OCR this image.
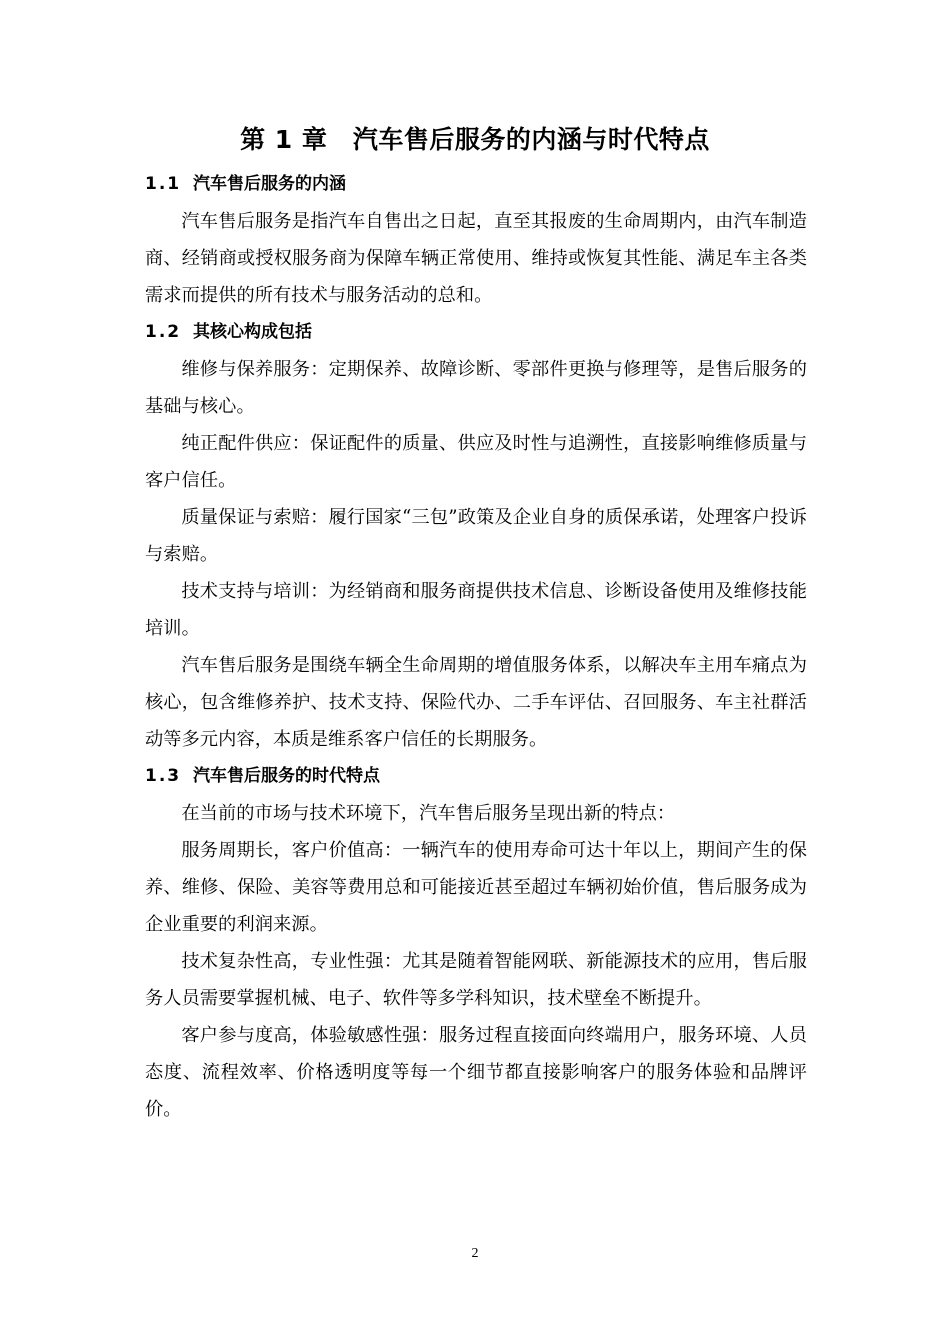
第 1 章　汽车售后服务的内涵与时代特点
1.1 汽车售后服务的内涵

汽车售后服务是指汽车自售出之日起，直至其报废的生命周期内，由汽车制造商、经销商或授权服务商为保障车辆正常使用、维持或恢复其性能、满足车主各类需求而提供的所有技术与服务活动的总和。

1.2 其核心构成包括

维修与保养服务：定期保养、故障诊断、零部件更换与修理等，是售后服务的基础与核心。

纯正配件供应：保证配件的质量、供应及时性与追溯性，直接影响维修质量与客户信任。

质量保证与索赔：履行国家“三包”政策及企业自身的质保承诺，处理客户投诉与索赔。

技术支持与培训：为经销商和服务商提供技术信息、诊断设备使用及维修技能培训。

汽车售后服务是围绕车辆全生命周期的增值服务体系，以解决车主用车痛点为核心，包含维修养护、技术支持、保险代办、二手车评估、召回服务、车主社群活动等多元内容，本质是维系客户信任的长期服务。

1.3 汽车售后服务的时代特点

在当前的市场与技术环境下，汽车售后服务呈现出新的特点：

服务周期长，客户价值高：一辆汽车的使用寿命可达十年以上，期间产生的保养、维修、保险、美容等费用总和可能接近甚至超过车辆初始价值，售后服务成为企业重要的利润来源。

技术复杂性高，专业性强：尤其是随着智能网联、新能源技术的应用，售后服务人员需要掌握机械、电子、软件等多学科知识，技术壁垒不断提升。

客户参与度高，体验敏感性强：服务过程直接面向终端用户，服务环境、人员态度、流程效率、价格透明度等每一个细节都直接影响客户的服务体验和品牌评价。

2
